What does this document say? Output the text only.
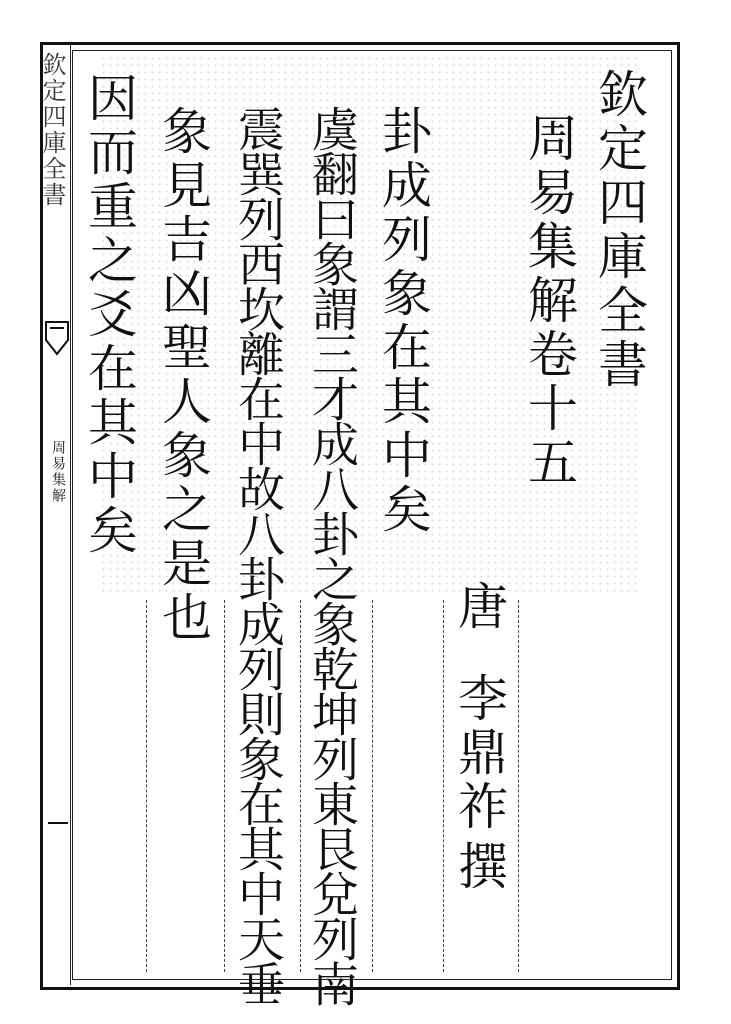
欽定四庫全書
周易集解
欽定四庫全書
周易集解卷十五
唐
李鼎祚
撰
卦成列象在其中矣
虞翻曰象謂三才成八卦之象乾坤列東艮兌列南
震巽列西坎離在中故八卦成列則象在其中天垂
象見吉凶聖人象之是也
因而重之爻在其中矣
